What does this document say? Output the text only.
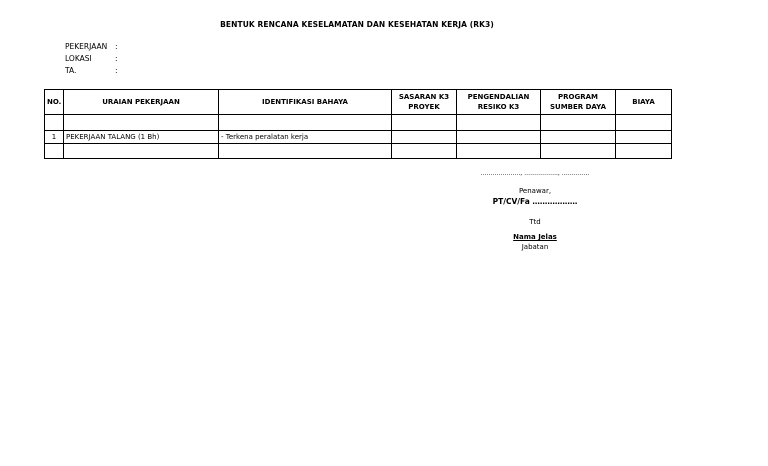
BENTUK RENCANA KESELAMATAN DAN KESEHATAN KERJA (RK3)
PEKERJAAN :
LOKASI	:
TA.	:
NO.	URAIAN PEKERJAAN	IDENTIFIKASI BAHAYA	SASARAN K3 PROYEK	PENGENDALIAN RESIKO K3	PROGRAM SUMBER DAYA	BIAYA

1	PEKERJAAN TALANG (1 Bh)	- Terkena peralatan kerja				

……………….., …………….., …………..
Penawar,
PT/CV/Fa ………………
Ttd
Nama Jelas
Jabatan
